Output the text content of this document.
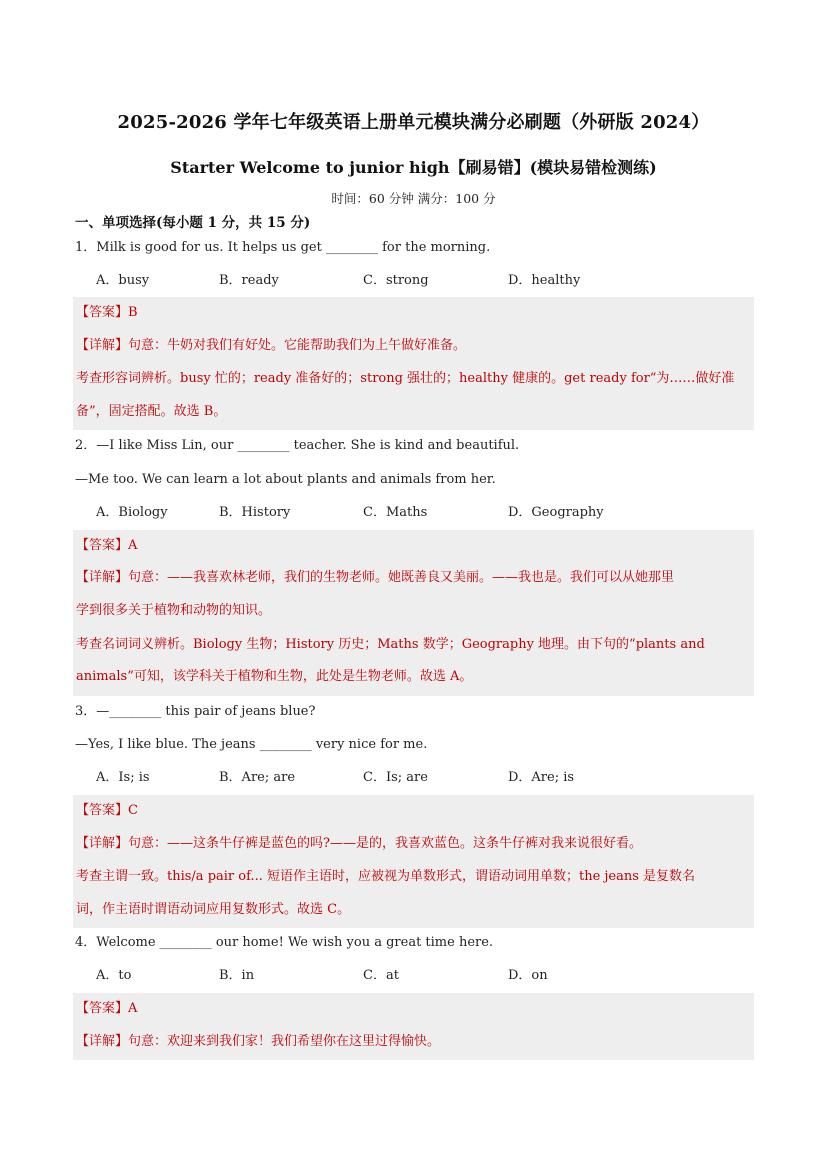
2025-2026 学年七年级英语上册单元模块满分必刷题（外研版 2024）
Starter Welcome to junior high【刷易错】(模块易错检测练)
时间：60 分钟 满分：100 分
一、单项选择(每小题 1 分，共 15 分)
1．Milk is good for us. It helps us get ________ for the morning.
A．busy	B．ready	C．strong	D．healthy
【答案】B
【详解】句意：牛奶对我们有好处。它能帮助我们为上午做好准备。
考查形容词辨析。busy 忙的；ready 准备好的；strong 强壮的；healthy 健康的。get ready for“为……做好准
备”，固定搭配。故选 B。
2．—I like Miss Lin, our ________ teacher. She is kind and beautiful.
—Me too. We can learn a lot about plants and animals from her.
A．Biology	B．History	C．Maths	D．Geography
【答案】A
【详解】句意：——我喜欢林老师，我们的生物老师。她既善良又美丽。——我也是。我们可以从她那里
学到很多关于植物和动物的知识。
考查名词词义辨析。Biology 生物；History 历史；Maths 数学；Geography 地理。由下句的“plants and
animals”可知，该学科关于植物和生物，此处是生物老师。故选 A。
3．—________ this pair of jeans blue?
—Yes, I like blue. The jeans ________ very nice for me.
A．Is; is	B．Are; are	C．Is; are	D．Are; is
【答案】C
【详解】句意：——这条牛仔裤是蓝色的吗?——是的，我喜欢蓝色。这条牛仔裤对我来说很好看。
考查主谓一致。this/a pair of... 短语作主语时，应被视为单数形式，谓语动词用单数；the jeans 是复数名
词，作主语时谓语动词应用复数形式。故选 C。
4．Welcome ________ our home! We wish you a great time here.
A．to	B．in	C．at	D．on
【答案】A
【详解】句意：欢迎来到我们家！我们希望你在这里过得愉快。
